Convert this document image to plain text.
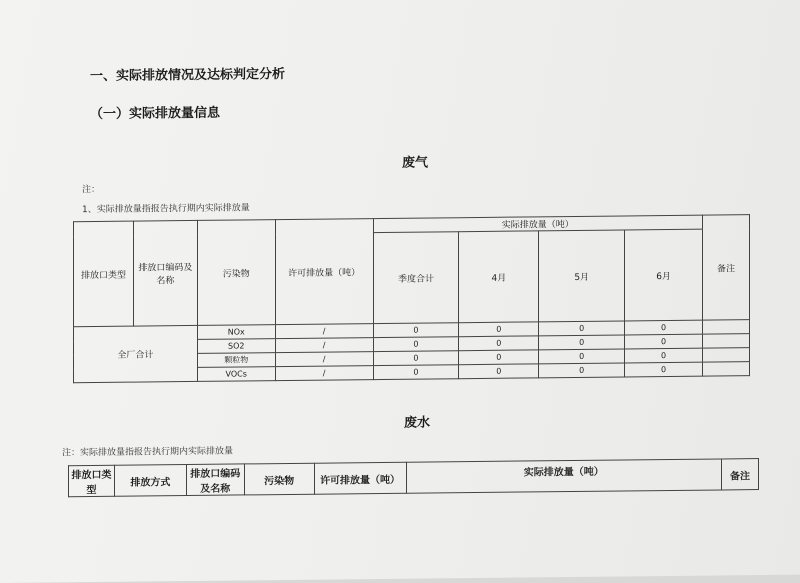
一、实际排放情况及达标判定分析
（一）实际排放量信息
废气
注：
1、实际排放量指报告执行期内实际排放量
排放口类型	排放口编码及名称	污染物	许可排放量（吨）	实际排放量（吨）				备注
				季度合计	4月	5月	6月	
全厂合计		NOx	/	0	0	0	0	
		SO2	/	0	0	0	0	
		颗粒物	/	0	0	0	0	
		VOCs	/	0	0	0	0	
废水
注：实际排放量指报告执行期内实际排放量
排放口类型	排放方式	排放口编码及名称	污染物	许可排放量（吨）	实际排放量（吨）	备注
